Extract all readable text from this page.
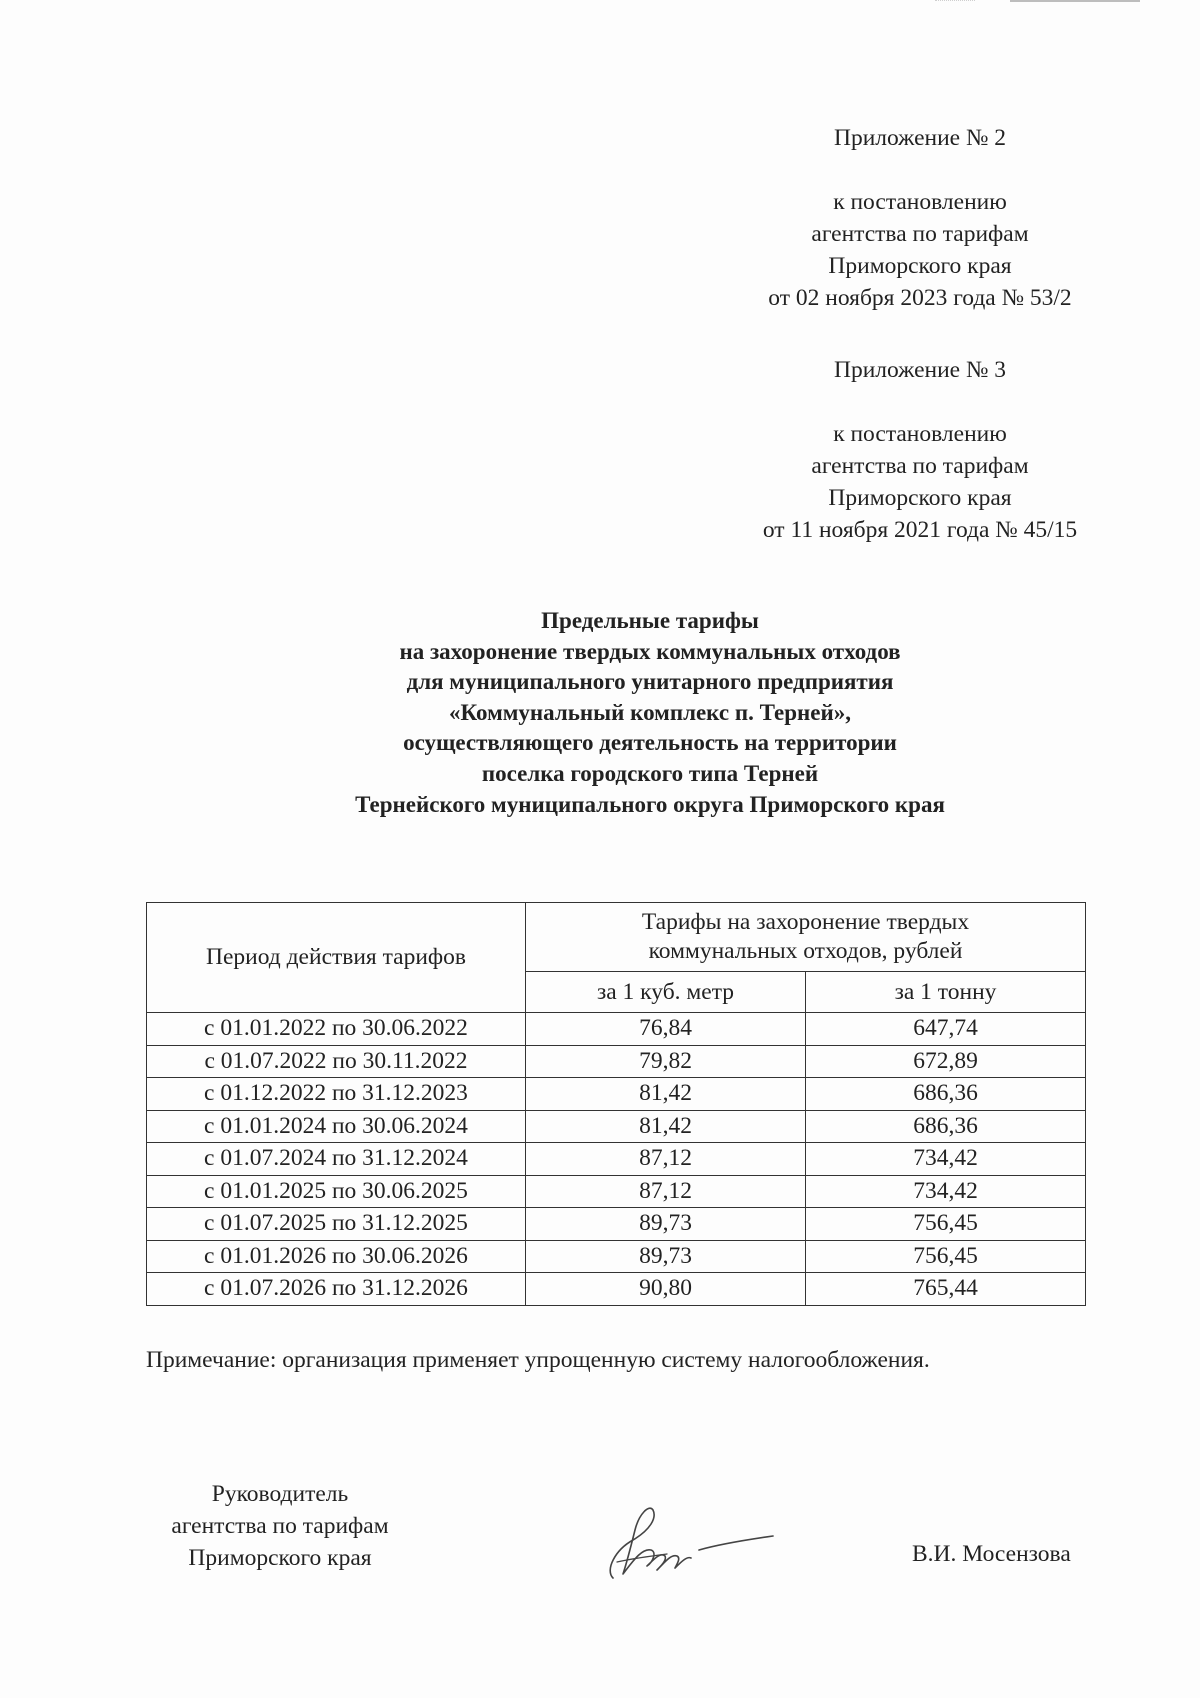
Приложение № 2
к постановлению
агентства по тарифам
Приморского края
от 02 ноября 2023 года № 53/2
Приложение № 3
к постановлению
агентства по тарифам
Приморского края
от 11 ноября 2021 года № 45/15
Предельные тарифы
на захоронение твердых коммунальных отходов
для муниципального унитарного предприятия
«Коммунальный комплекс п. Терней»,
осуществляющего деятельность на территории
поселка городского типа Терней
Тернейского муниципального округа Приморского края
Период действия тарифов	Тарифы на захоронение твердых
коммунальных отходов, рублей	
	за 1 куб. метр	за 1 тонну
с 01.01.2022 по 30.06.2022	76,84	647,74
с 01.07.2022 по 30.11.2022	79,82	672,89
с 01.12.2022 по 31.12.2023	81,42	686,36
с 01.01.2024 по 30.06.2024	81,42	686,36
с 01.07.2024 по 31.12.2024	87,12	734,42
с 01.01.2025 по 30.06.2025	87,12	734,42
с 01.07.2025 по 31.12.2025	89,73	756,45
с 01.01.2026 по 30.06.2026	89,73	756,45
с 01.07.2026 по 31.12.2026	90,80	765,44
Примечание: организация применяет упрощенную систему налогообложения.
Руководитель
агентства по тарифам
Приморского края	В.И. Мосензова
